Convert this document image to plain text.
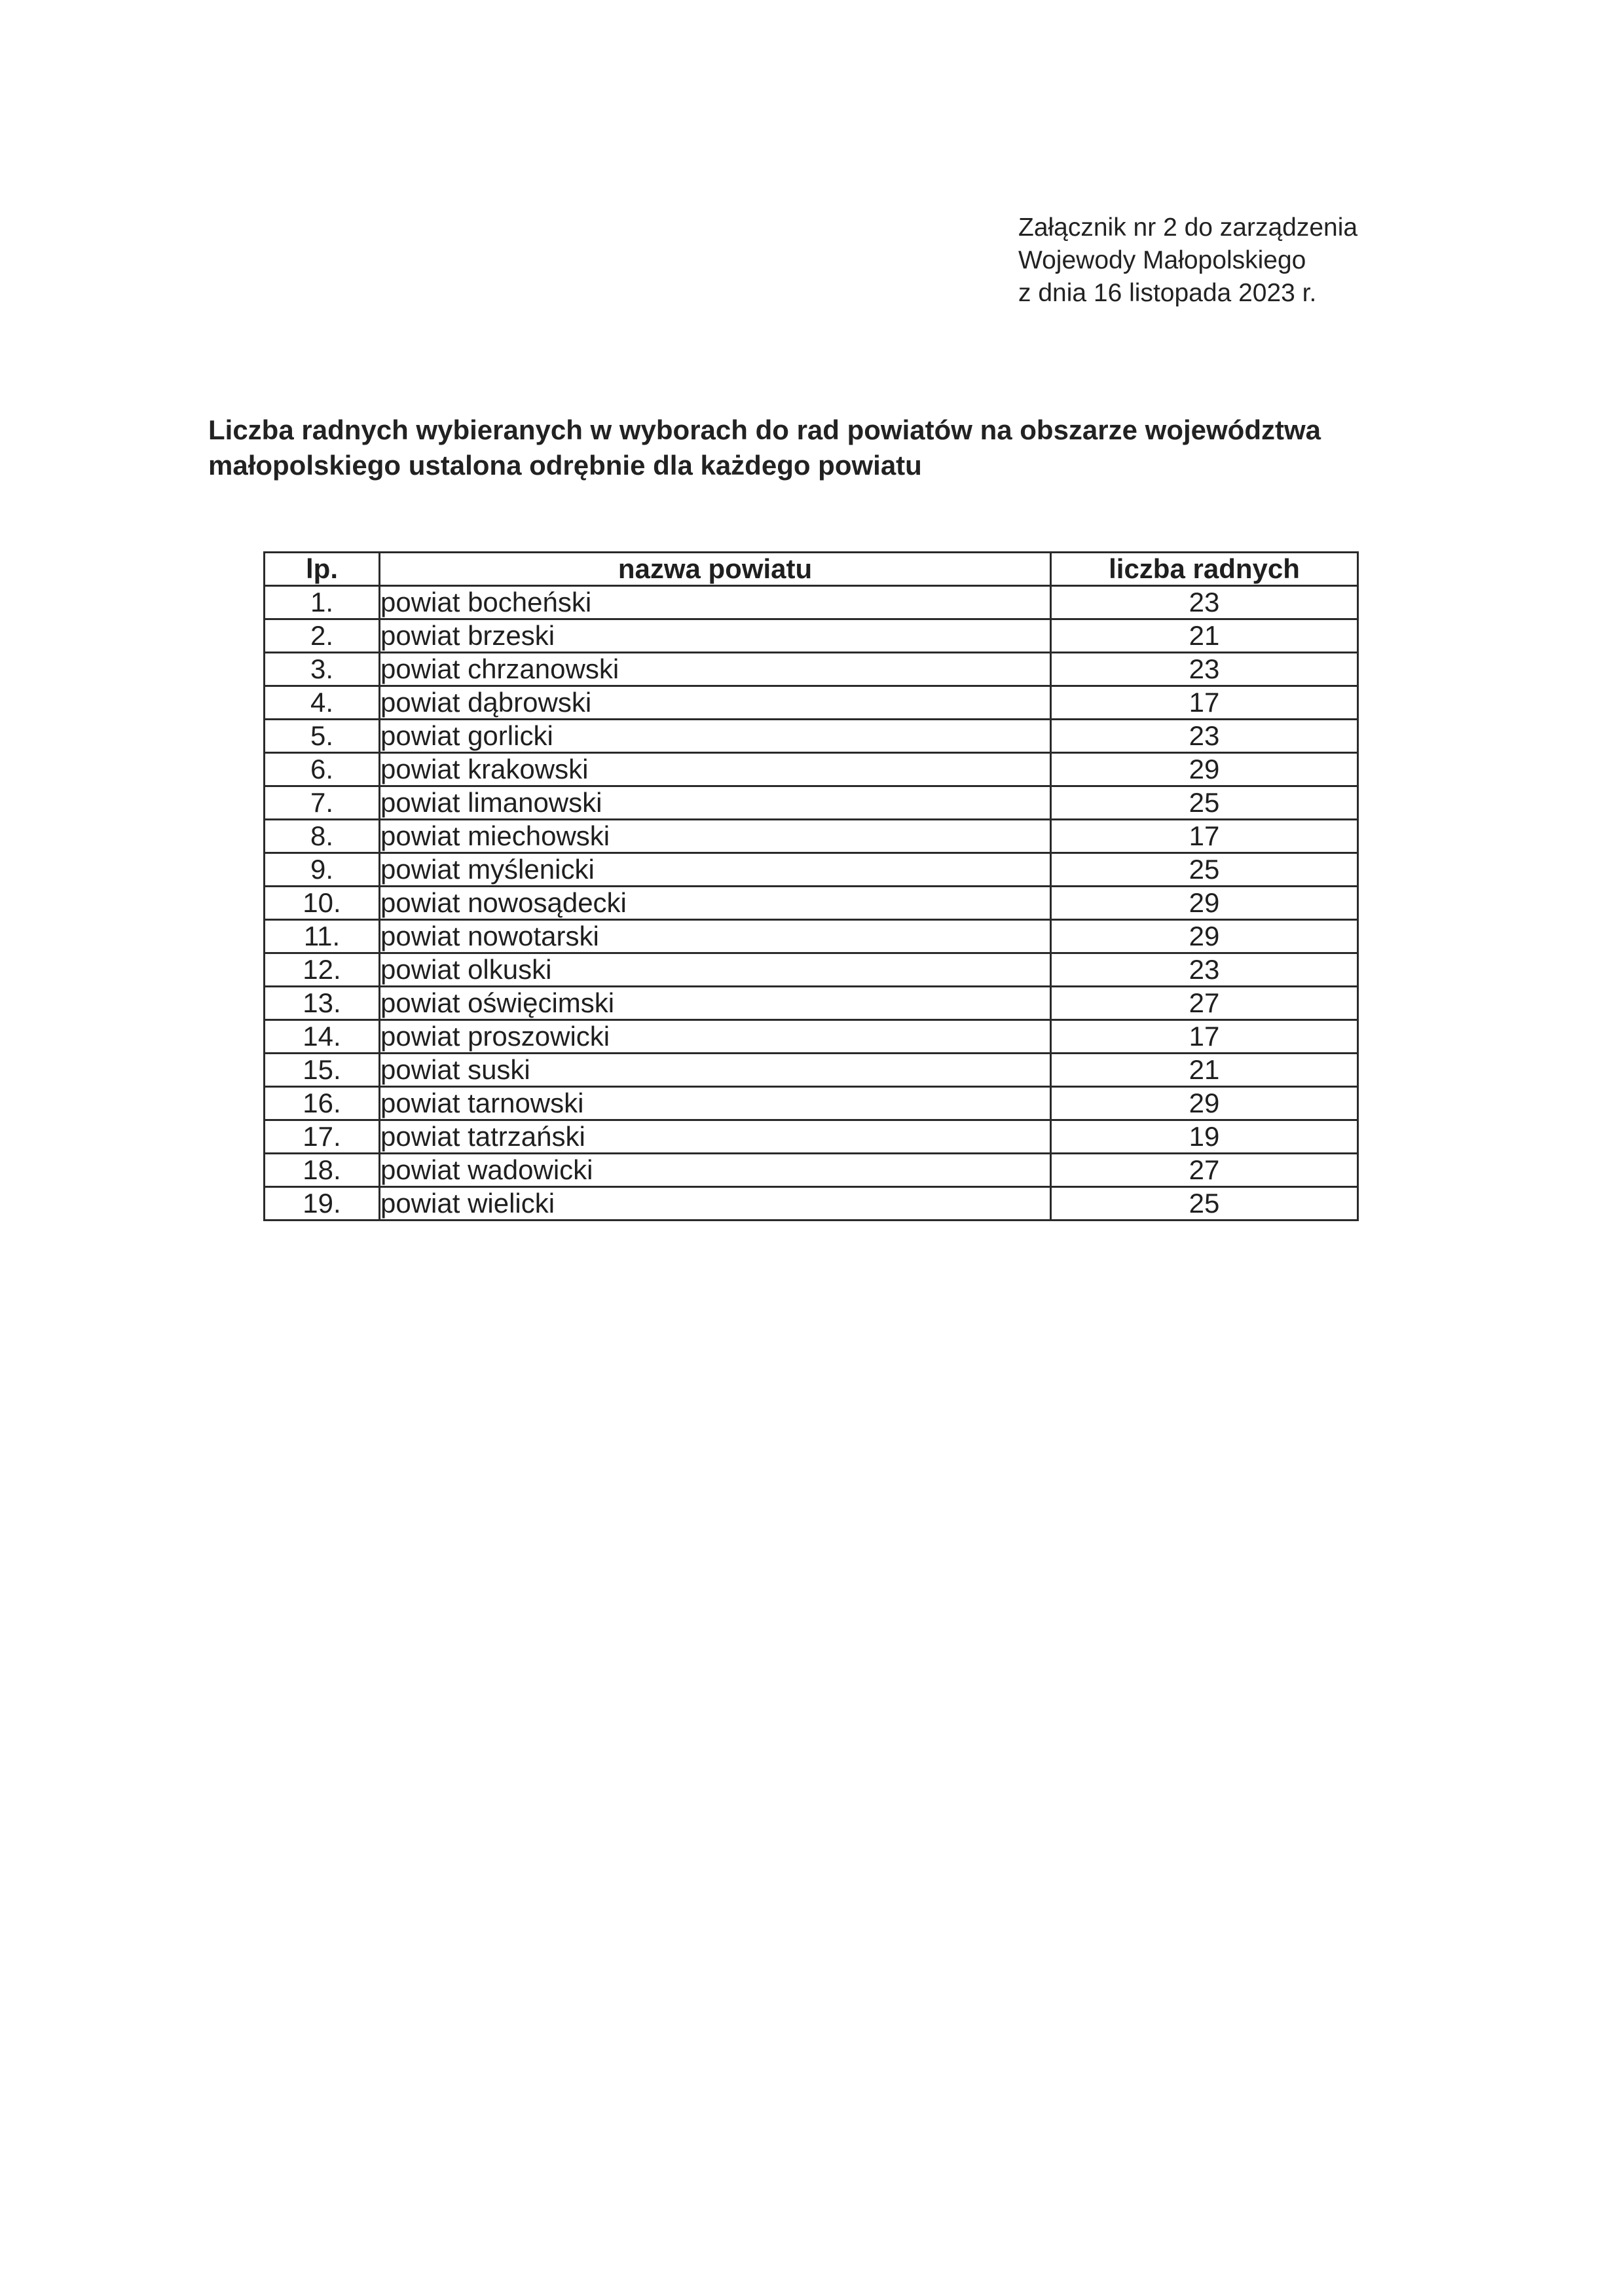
Załącznik nr 2 do zarządzenia
Wojewody Małopolskiego
z dnia 16 listopada 2023 r.
Liczba radnych wybieranych w wyborach do rad powiatów na obszarze województwa
małopolskiego ustalona odrębnie dla każdego powiatu
lp.	nazwa powiatu	liczba radnych
1.	powiat bocheński	23
2.	powiat brzeski	21
3.	powiat chrzanowski	23
4.	powiat dąbrowski	17
5.	powiat gorlicki	23
6.	powiat krakowski	29
7.	powiat limanowski	25
8.	powiat miechowski	17
9.	powiat myślenicki	25
10.	powiat nowosądecki	29
11.	powiat nowotarski	29
12.	powiat olkuski	23
13.	powiat oświęcimski	27
14.	powiat proszowicki	17
15.	powiat suski	21
16.	powiat tarnowski	29
17.	powiat tatrzański	19
18.	powiat wadowicki	27
19.	powiat wielicki	25
